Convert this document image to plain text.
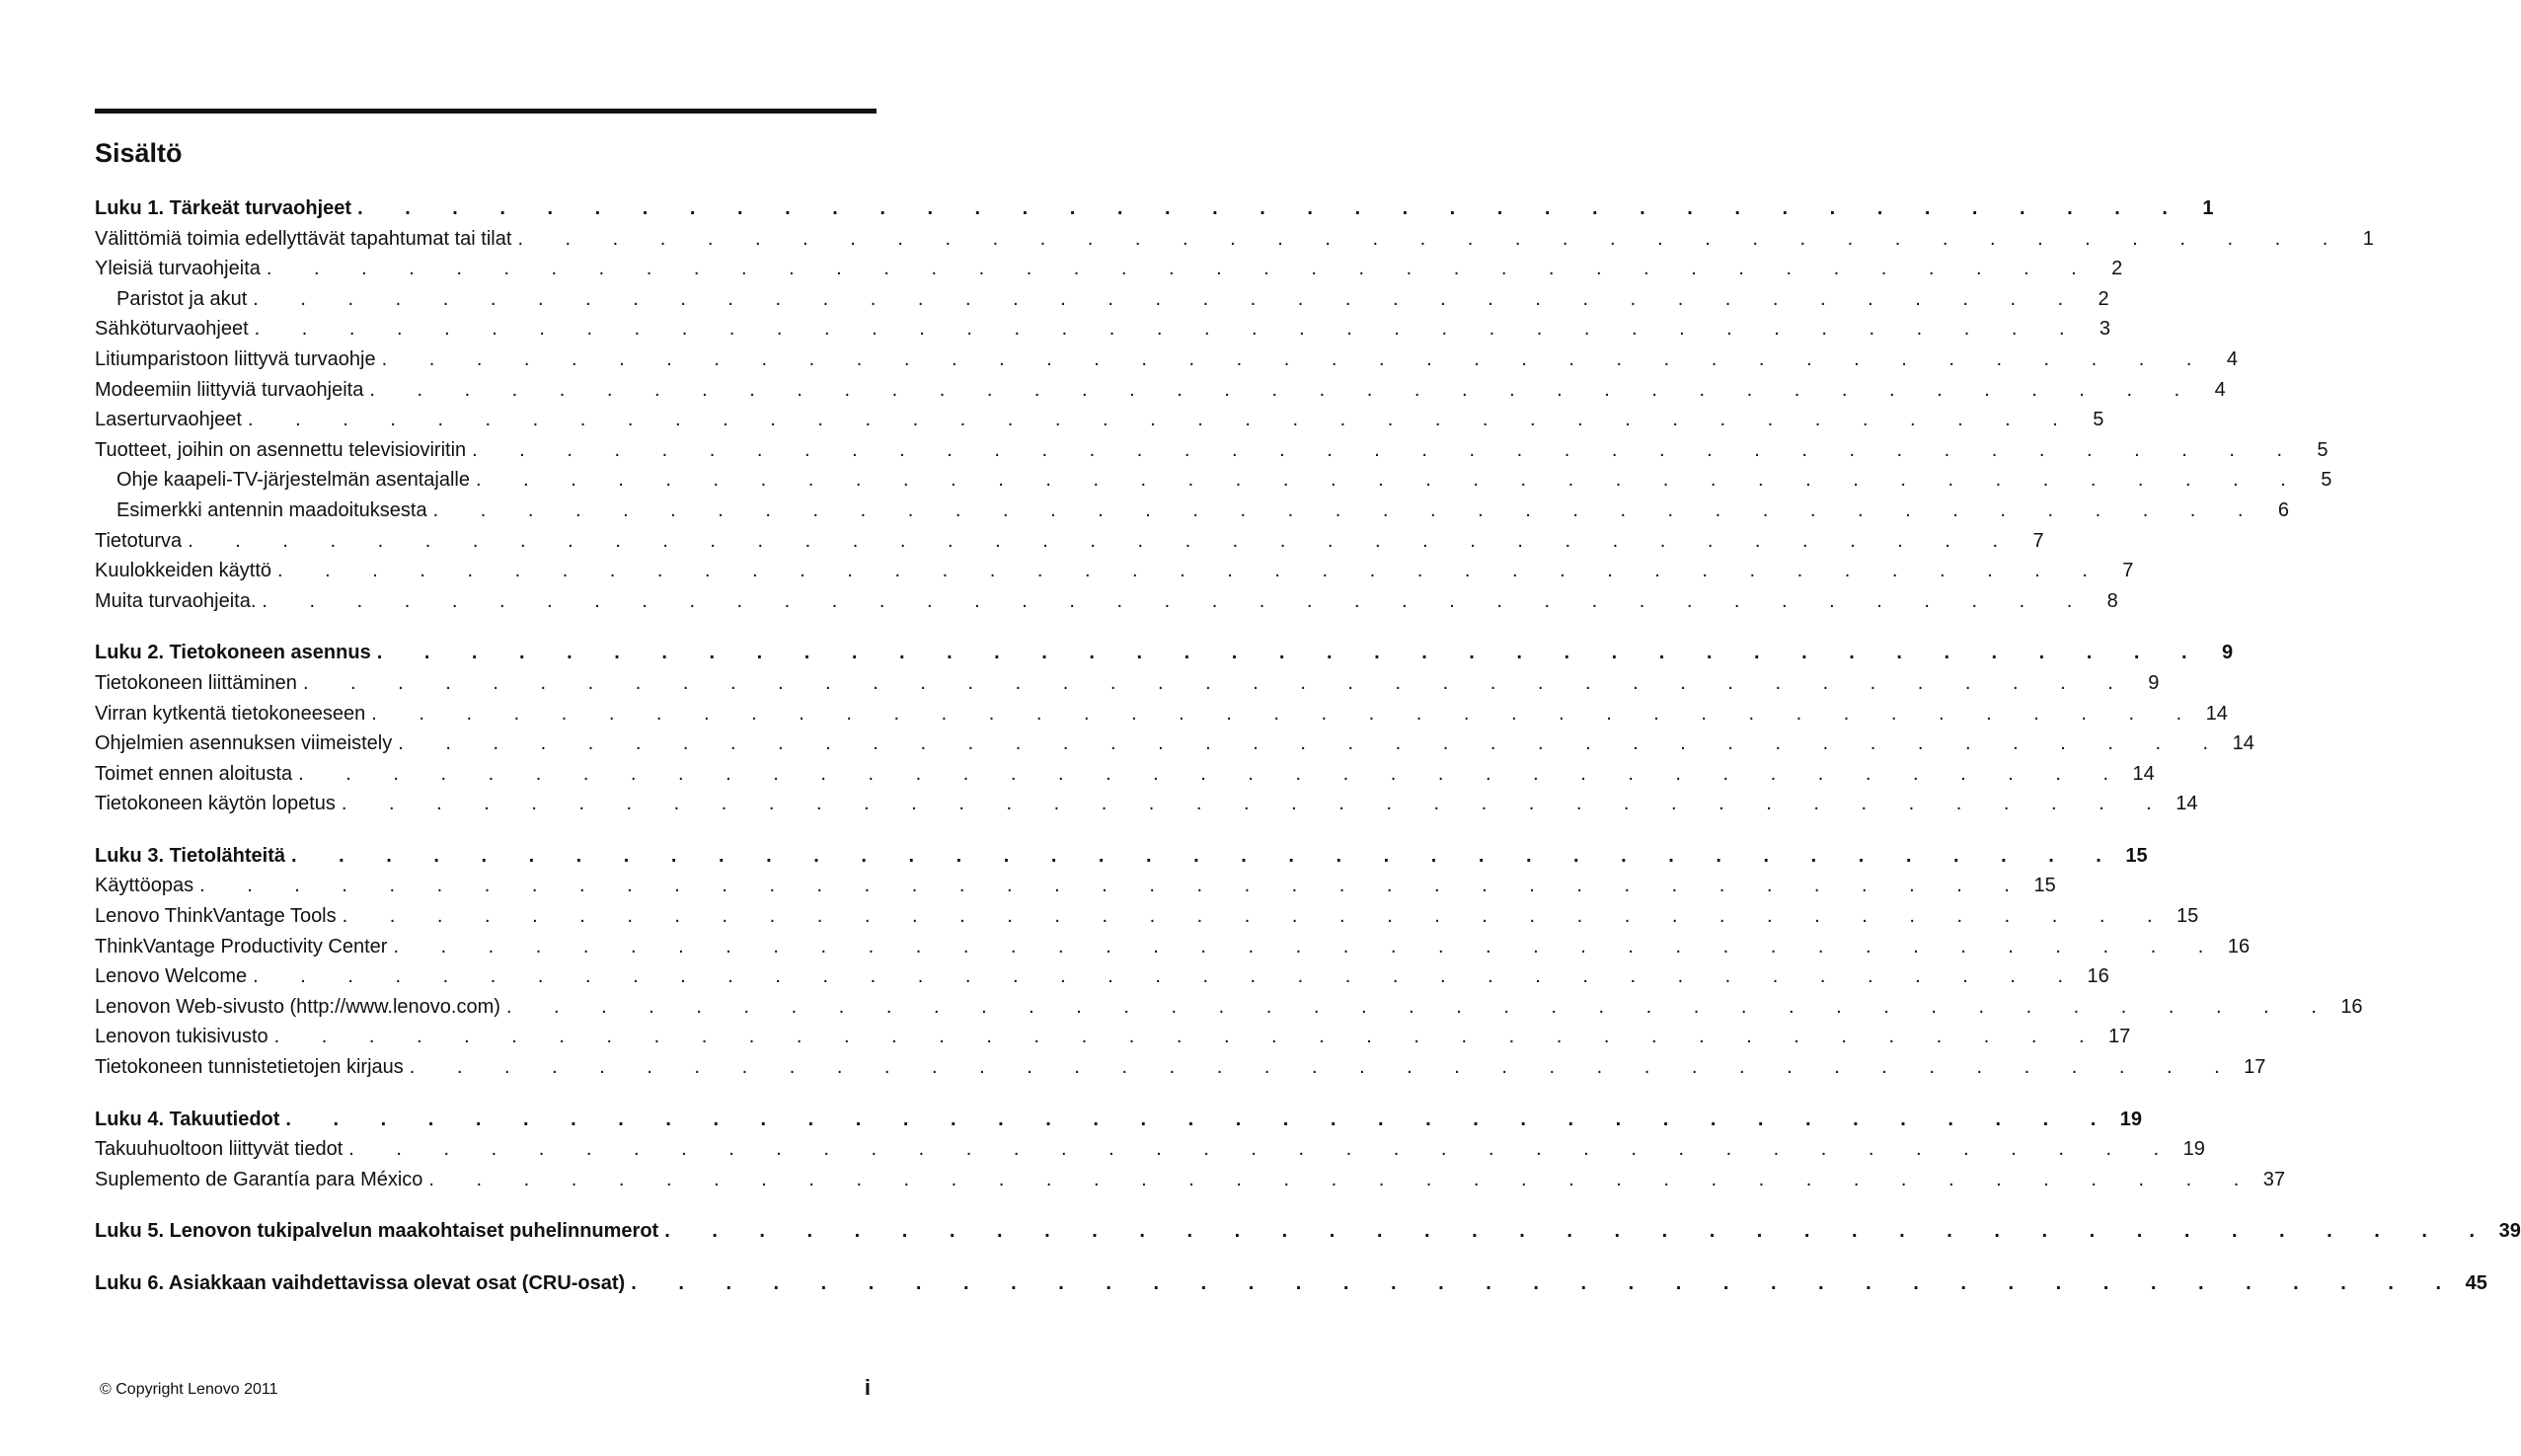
Sisältö
Luku 1. Tärkeät turvaohjeet . . . . . . . . . . . . . . . . . . . . . . . . . . . . . . . . . . . . . . . 1
Välittömiä toimia edellyttävät tapahtumat tai tilat . . . . . . . . . . . . . . . . . . . . . . . . . . . . . . . . . . . . . . . 1
Yleisiä turvaohjeita . . . . . . . . . . . . . . . . . . . . . . . . . . . . . . . . . . . . . . . 2
Paristot ja akut . . . . . . . . . . . . . . . . . . . . . . . . . . . . . . . . . . . . . . . 2
Sähköturvaohjeet . . . . . . . . . . . . . . . . . . . . . . . . . . . . . . . . . . . . . . . 3
Litiumparistoon liittyvä turvaohje . . . . . . . . . . . . . . . . . . . . . . . . . . . . . . . . . . . . . . . 4
Modeemiin liittyviä turvaohjeita . . . . . . . . . . . . . . . . . . . . . . . . . . . . . . . . . . . . . . . 4
Laserturvaohjeet . . . . . . . . . . . . . . . . . . . . . . . . . . . . . . . . . . . . . . . 5
Tuotteet, joihin on asennettu televisioviritin . . . . . . . . . . . . . . . . . . . . . . . . . . . . . . . . . . . . . . . 5
Ohje kaapeli-TV-järjestelmän asentajalle . . . . . . . . . . . . . . . . . . . . . . . . . . . . . . . . . . . . . . . 5
Esimerkki antennin maadoituksesta . . . . . . . . . . . . . . . . . . . . . . . . . . . . . . . . . . . . . . . 6
Tietoturva . . . . . . . . . . . . . . . . . . . . . . . . . . . . . . . . . . . . . . . 7
Kuulokkeiden käyttö . . . . . . . . . . . . . . . . . . . . . . . . . . . . . . . . . . . . . . . 7
Muita turvaohjeita. . . . . . . . . . . . . . . . . . . . . . . . . . . . . . . . . . . . . . . . 8
Luku 2. Tietokoneen asennus . . . . . . . . . . . . . . . . . . . . . . . . . . . . . . . . . . . . . . . 9
Tietokoneen liittäminen . . . . . . . . . . . . . . . . . . . . . . . . . . . . . . . . . . . . . . . 9
Virran kytkentä tietokoneeseen . . . . . . . . . . . . . . . . . . . . . . . . . . . . . . . . . . . . . . . 14
Ohjelmien asennuksen viimeistely . . . . . . . . . . . . . . . . . . . . . . . . . . . . . . . . . . . . . . . 14
Toimet ennen aloitusta . . . . . . . . . . . . . . . . . . . . . . . . . . . . . . . . . . . . . . . 14
Tietokoneen käytön lopetus . . . . . . . . . . . . . . . . . . . . . . . . . . . . . . . . . . . . . . . 14
Luku 3. Tietolähteitä . . . . . . . . . . . . . . . . . . . . . . . . . . . . . . . . . . . . . . . 15
Käyttöopas . . . . . . . . . . . . . . . . . . . . . . . . . . . . . . . . . . . . . . . 15
Lenovo ThinkVantage Tools . . . . . . . . . . . . . . . . . . . . . . . . . . . . . . . . . . . . . . . 15
ThinkVantage Productivity Center . . . . . . . . . . . . . . . . . . . . . . . . . . . . . . . . . . . . . . . 16
Lenovo Welcome . . . . . . . . . . . . . . . . . . . . . . . . . . . . . . . . . . . . . . . 16
Lenovon Web-sivusto (http://www.lenovo.com) . . . . . . . . . . . . . . . . . . . . . . . . . . . . . . . . . . . . . . . 16
Lenovon tukisivusto . . . . . . . . . . . . . . . . . . . . . . . . . . . . . . . . . . . . . . . 17
Tietokoneen tunnistetietojen kirjaus . . . . . . . . . . . . . . . . . . . . . . . . . . . . . . . . . . . . . . . 17
Luku 4. Takuutiedot . . . . . . . . . . . . . . . . . . . . . . . . . . . . . . . . . . . . . . . 19
Takuuhuoltoon liittyvät tiedot . . . . . . . . . . . . . . . . . . . . . . . . . . . . . . . . . . . . . . . 19
Suplemento de Garantía para México . . . . . . . . . . . . . . . . . . . . . . . . . . . . . . . . . . . . . . . 37
Luku 5. Lenovon tukipalvelun maakohtaiset puhelinnumerot . . . . . . . . . . . . . . . . . . . . . . . . . . . . . . . . . . . . . . . 39
Luku 6. Asiakkaan vaihdettavissa olevat osat (CRU-osat) . . . . . . . . . . . . . . . . . . . . . . . . . . . . . . . . . . . . . . . 45
© Copyright Lenovo 2011	i
